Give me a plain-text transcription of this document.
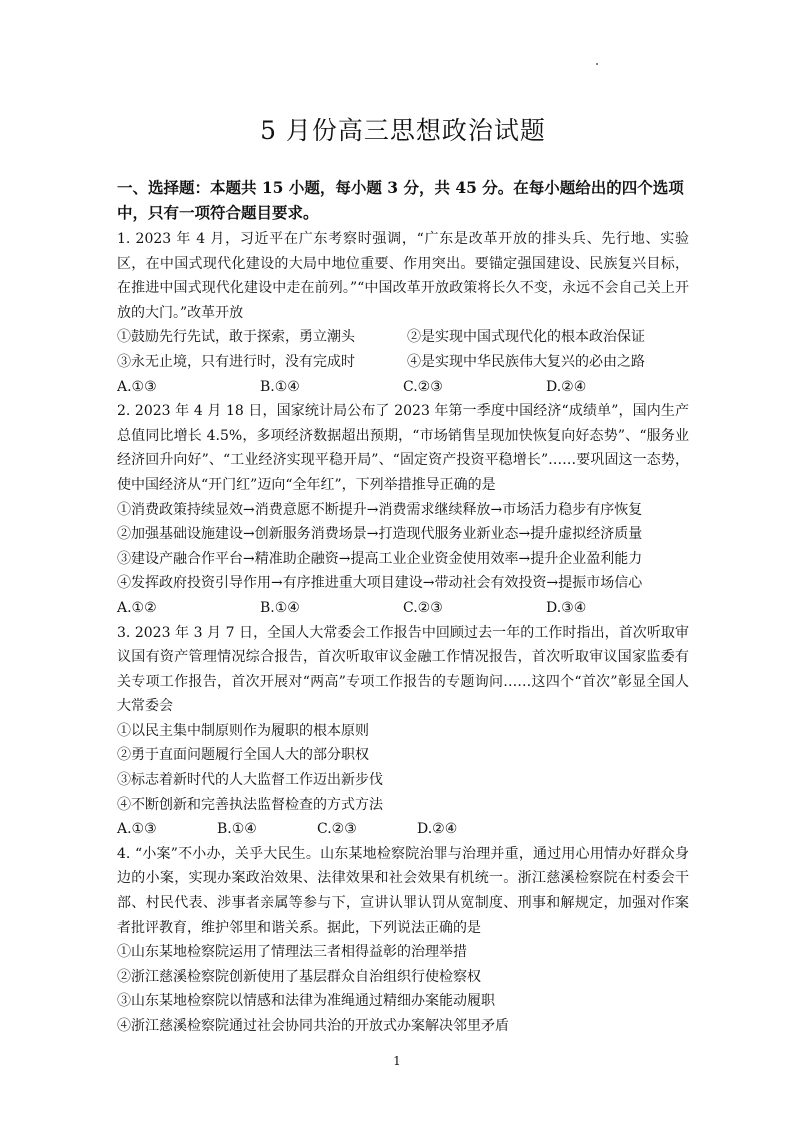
5 月份高三思想政治试题

一、选择题：本题共 15 小题，每小题 3 分，共 45 分。在每小题给出的四个选项中，只有一项符合题目要求。

1. 2023 年 4 月，习近平在广东考察时强调，“广东是改革开放的排头兵、先行地、实验区，在中国式现代化建设的大局中地位重要、作用突出。要锚定强国建设、民族复兴目标，在推进中国式现代化建设中走在前列。”“中国改革开放政策将长久不变，永远不会自己关上开放的大门。”改革开放

①鼓励先行先试，敢于探索，勇立潮头	②是实现中国式现代化的根本政治保证

③永无止境，只有进行时，没有完成时	④是实现中华民族伟大复兴的必由之路

A.①③	B.①④	C.②③	D.②④

2. 2023 年 4 月 18 日，国家统计局公布了 2023 年第一季度中国经济“成绩单”，国内生产总值同比增长 4.5%，多项经济数据超出预期，“市场销售呈现加快恢复向好态势”、“服务业经济回升向好”、“工业经济实现平稳开局”、“固定资产投资平稳增长”……要巩固这一态势，使中国经济从“开门红”迈向“全年红”，下列举措推导正确的是

①消费政策持续显效→消费意愿不断提升→消费需求继续释放→市场活力稳步有序恢复

②加强基础设施建设→创新服务消费场景→打造现代服务业新业态→提升虚拟经济质量

③建设产融合作平台→精准助企融资→提高工业企业资金使用效率→提升企业盈利能力

④发挥政府投资引导作用→有序推进重大项目建设→带动社会有效投资→提振市场信心

A.①②	B.①④	C.②③	D.③④

3. 2023 年 3 月 7 日，全国人大常委会工作报告中回顾过去一年的工作时指出，首次听取审议国有资产管理情况综合报告，首次听取审议金融工作情况报告，首次听取审议国家监委有关专项工作报告，首次开展对“两高”专项工作报告的专题询问……这四个“首次”彰显全国人大常委会

①以民主集中制原则作为履职的根本原则

②勇于直面问题履行全国人大的部分职权

③标志着新时代的人大监督工作迈出新步伐

④不断创新和完善执法监督检查的方式方法

A.①③	B.①④	C.②③	D.②④

4. “小案”不小办，关乎大民生。山东某地检察院治罪与治理并重，通过用心用情办好群众身边的小案，实现办案政治效果、法律效果和社会效果有机统一。浙江慈溪检察院在村委会干部、村民代表、涉事者亲属等参与下，宣讲认罪认罚从宽制度、刑事和解规定，加强对作案者批评教育，维护邻里和谐关系。据此，下列说法正确的是

①山东某地检察院运用了情理法三者相得益彰的治理举措

②浙江慈溪检察院创新使用了基层群众自治组织行使检察权

③山东某地检察院以情感和法律为准绳通过精细办案能动履职

④浙江慈溪检察院通过社会协同共治的开放式办案解决邻里矛盾

1
